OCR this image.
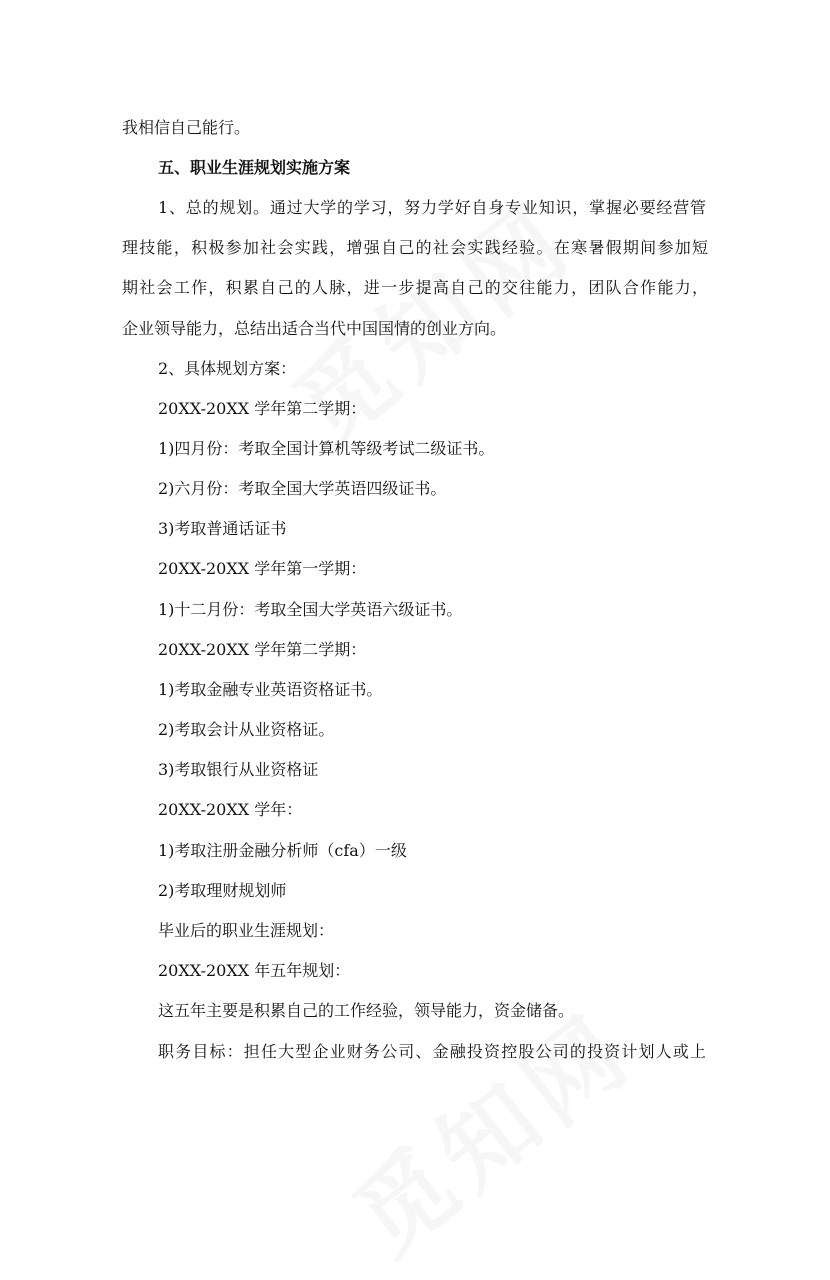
我相信自己能行。
五、职业生涯规划实施方案
1、总的规划。通过大学的学习，努力学好自身专业知识，掌握必要经营管
理技能，积极参加社会实践，增强自己的社会实践经验。在寒暑假期间参加短
期社会工作，积累自己的人脉，进一步提高自己的交往能力，团队合作能力，
企业领导能力，总结出适合当代中国国情的创业方向。
2、具体规划方案：
20XX-20XX 学年第二学期：
1)四月份：考取全国计算机等级考试二级证书。
2)六月份：考取全国大学英语四级证书。
3)考取普通话证书
20XX-20XX 学年第一学期：
1)十二月份：考取全国大学英语六级证书。
20XX-20XX 学年第二学期：
1)考取金融专业英语资格证书。
2)考取会计从业资格证。
3)考取银行从业资格证
20XX-20XX 学年：
1)考取注册金融分析师（cfa）一级
2)考取理财规划师
毕业后的职业生涯规划：
20XX-20XX 年五年规划：
这五年主要是积累自己的工作经验，领导能力，资金储备。
职务目标：担任大型企业财务公司、金融投资控股公司的投资计划人或上
